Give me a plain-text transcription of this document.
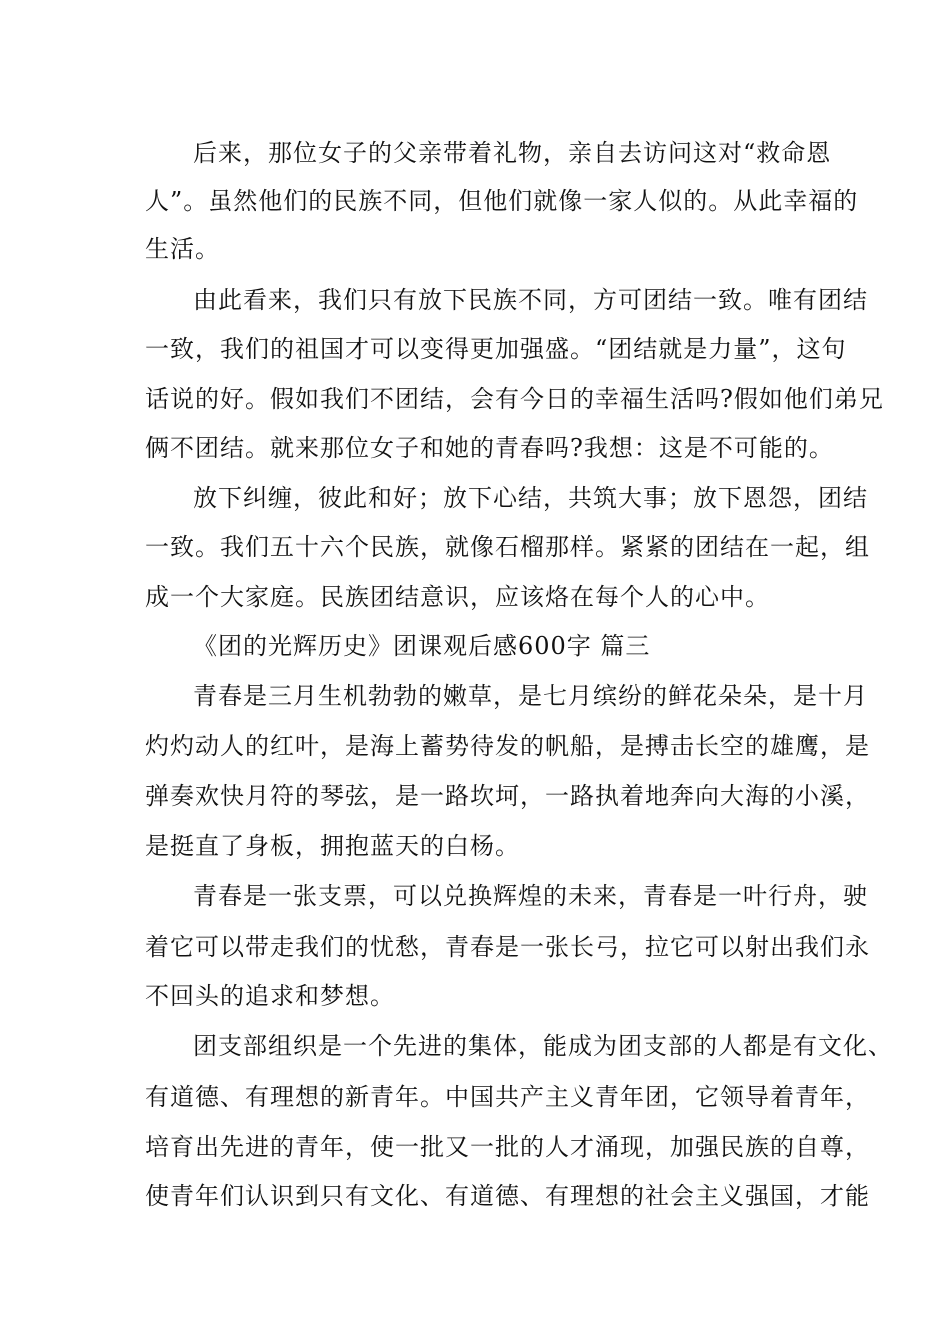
后来，那位女子的父亲带着礼物，亲自去访问这对“救命恩
人”。虽然他们的民族不同，但他们就像一家人似的。从此幸福的
生活。
由此看来，我们只有放下民族不同，方可团结一致。唯有团结
一致，我们的祖国才可以变得更加强盛。“团结就是力量”，这句
话说的好。假如我们不团结，会有今日的幸福生活吗?假如他们弟兄
俩不团结。就来那位女子和她的青春吗?我想：这是不可能的。
放下纠缠，彼此和好；放下心结，共筑大事；放下恩怨，团结
一致。我们五十六个民族，就像石榴那样。紧紧的团结在一起，组
成一个大家庭。民族团结意识，应该烙在每个人的心中。
《团的光辉历史》团课观后感600字 篇三
青春是三月生机勃勃的嫩草，是七月缤纷的鲜花朵朵，是十月
灼灼动人的红叶，是海上蓄势待发的帆船，是搏击长空的雄鹰，是
弹奏欢快月符的琴弦，是一路坎坷，一路执着地奔向大海的小溪，
是挺直了身板，拥抱蓝天的白杨。
青春是一张支票，可以兑换辉煌的未来，青春是一叶行舟，驶
着它可以带走我们的忧愁，青春是一张长弓，拉它可以射出我们永
不回头的追求和梦想。
团支部组织是一个先进的集体，能成为团支部的人都是有文化、
有道德、有理想的新青年。中国共产主义青年团，它领导着青年，
培育出先进的青年，使一批又一批的人才涌现，加强民族的自尊，
使青年们认识到只有文化、有道德、有理想的社会主义强国，才能
